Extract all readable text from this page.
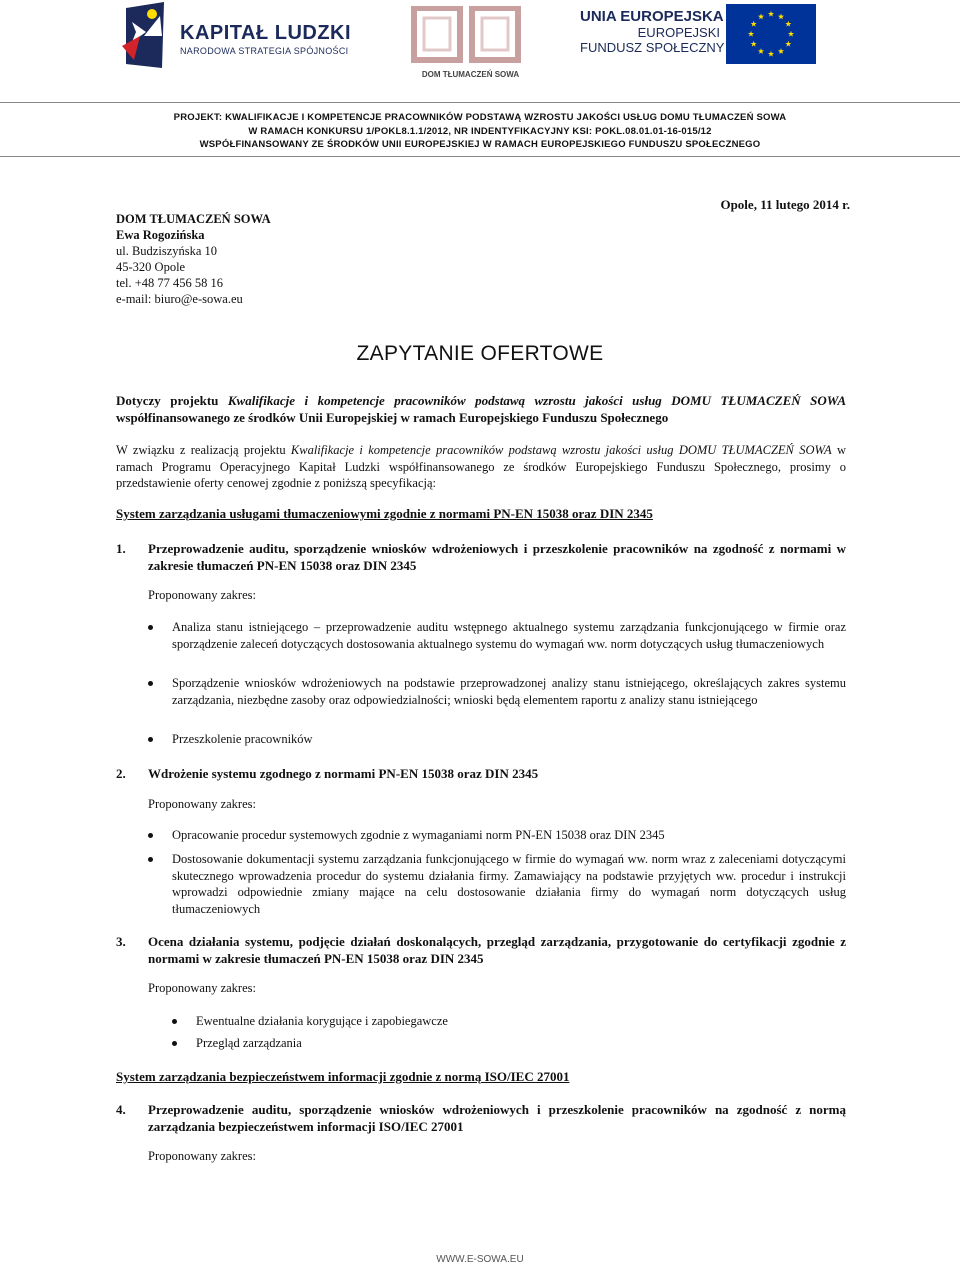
KAPITAŁ LUDZKI
NARODOWA STRATEGIA SPÓJNOŚCI
DOM TŁUMACZEŃ SOWA
UNIA EUROPEJSKA
EUROPEJSKI
FUNDUSZ SPOŁECZNY
PROJEKT: KWALIFIKACJE I KOMPETENCJE PRACOWNIKÓW PODSTAWĄ WZROSTU JAKOŚCI USŁUG DOMU TŁUMACZEŃ SOWA
W RAMACH KONKURSU 1/POKL8.1.1/2012, NR INDENTYFIKACYJNY KSI: POKL.08.01.01-16-015/12
WSPÓŁFINANSOWANY ZE ŚRODKÓW UNII EUROPEJSKIEJ W RAMACH EUROPEJSKIEGO FUNDUSZU SPOŁECZNEGO
DOM TŁUMACZEŃ SOWA
Ewa Rogozińska
ul. Budziszyńska 10
45-320 Opole
tel. +48 77 456 58 16
e-mail: biuro@e-sowa.eu
Opole, 11 lutego 2014 r.
ZAPYTANIE OFERTOWE
Dotyczy projektu Kwalifikacje i kompetencje pracowników podstawą wzrostu jakości usług DOMU TŁUMACZEŃ SOWA współfinansowanego ze środków Unii Europejskiej w ramach Europejskiego Funduszu Społecznego
W związku z realizacją projektu Kwalifikacje i kompetencje pracowników podstawą wzrostu jakości usług DOMU TŁUMACZEŃ SOWA w ramach Programu Operacyjnego Kapitał Ludzki współfinansowanego ze środków Europejskiego Funduszu Społecznego, prosimy o przedstawienie oferty cenowej zgodnie z poniższą specyfikacją:
System zarządzania usługami tłumaczeniowymi zgodnie z normami PN-EN 15038 oraz DIN 2345
1. Przeprowadzenie auditu, sporządzenie wniosków wdrożeniowych i przeszkolenie pracowników na zgodność z normami w zakresie tłumaczeń PN-EN 15038 oraz DIN 2345
Proponowany zakres:
Analiza stanu istniejącego – przeprowadzenie auditu wstępnego aktualnego systemu zarządzania funkcjonującego w firmie oraz sporządzenie zaleceń dotyczących dostosowania aktualnego systemu do wymagań ww. norm dotyczących usług tłumaczeniowych
Sporządzenie wniosków wdrożeniowych na podstawie przeprowadzonej analizy stanu istniejącego, określających zakres systemu zarządzania, niezbędne zasoby oraz odpowiedzialności; wnioski będą elementem raportu z analizy stanu istniejącego
Przeszkolenie pracowników
2. Wdrożenie systemu zgodnego z normami PN-EN 15038 oraz DIN 2345
Proponowany zakres:
Opracowanie procedur systemowych zgodnie z wymaganiami norm PN-EN 15038 oraz DIN 2345
Dostosowanie dokumentacji systemu zarządzania funkcjonującego w firmie do wymagań ww. norm wraz z zaleceniami dotyczącymi skutecznego wprowadzenia procedur do systemu działania firmy. Zamawiający na podstawie przyjętych ww. procedur i instrukcji wprowadzi odpowiednie zmiany mające na celu dostosowanie działania firmy do wymagań norm dotyczących usług tłumaczeniowych
3. Ocena działania systemu, podjęcie działań doskonalących, przegląd zarządzania, przygotowanie do certyfikacji zgodnie z normami w zakresie tłumaczeń PN-EN 15038 oraz DIN 2345
Proponowany zakres:
Ewentualne działania korygujące i zapobiegawcze
Przegląd zarządzania
System zarządzania bezpieczeństwem informacji zgodnie z normą ISO/IEC 27001
4. Przeprowadzenie auditu, sporządzenie wniosków wdrożeniowych i przeszkolenie pracowników na zgodność z normą zarządzania bezpieczeństwem informacji ISO/IEC 27001
Proponowany zakres:
WWW.E-SOWA.EU
